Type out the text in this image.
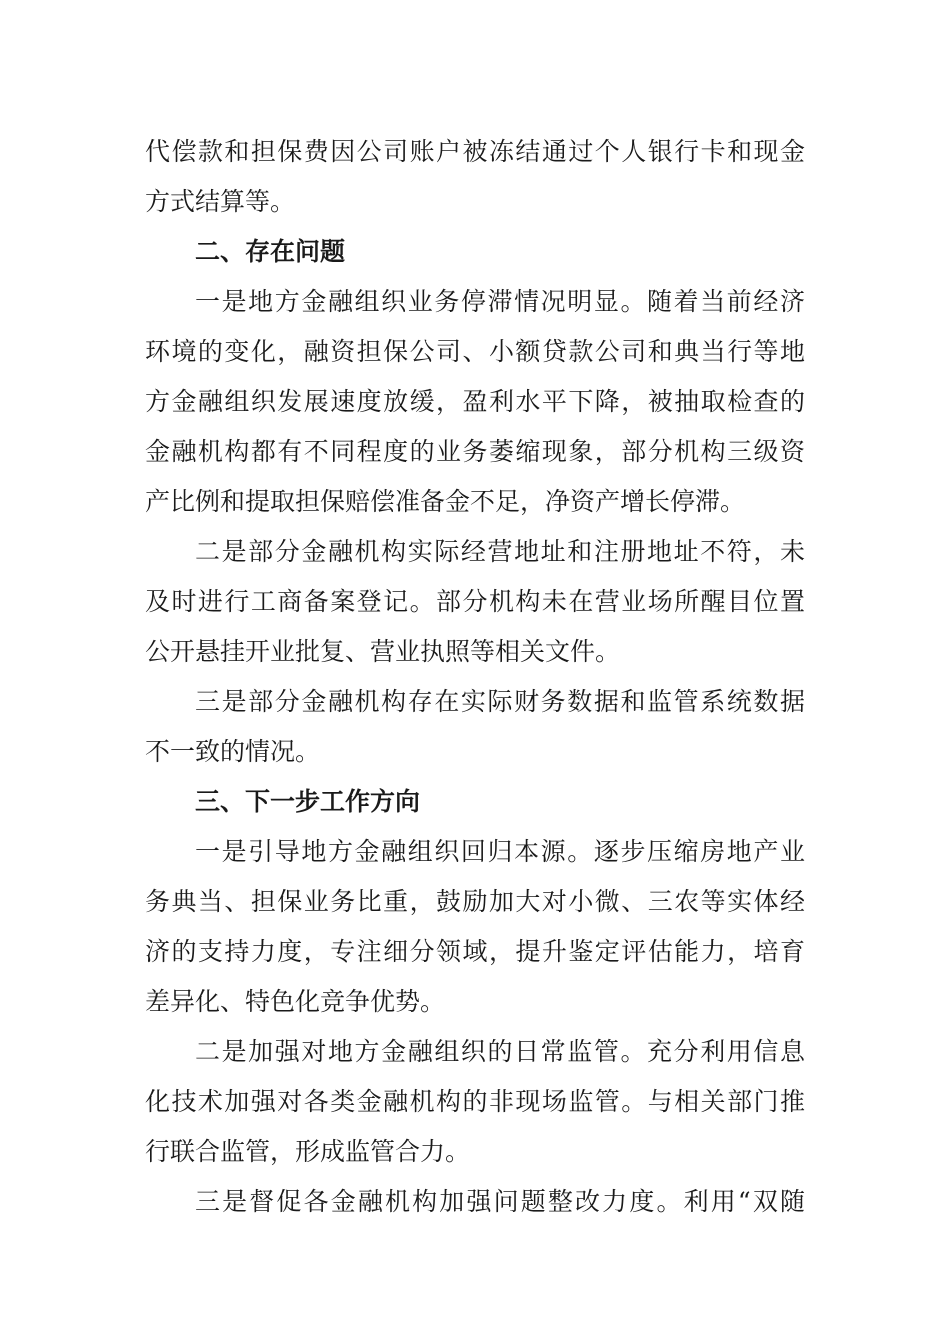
代偿款和担保费因公司账户被冻结通过个人银行卡和现金
方式结算等。
二、存在问题
一是地方金融组织业务停滞情况明显。随着当前经济
环境的变化，融资担保公司、小额贷款公司和典当行等地
方金融组织发展速度放缓，盈利水平下降，被抽取检查的
金融机构都有不同程度的业务萎缩现象，部分机构三级资
产比例和提取担保赔偿准备金不足，净资产增长停滞。
二是部分金融机构实际经营地址和注册地址不符，未
及时进行工商备案登记。部分机构未在营业场所醒目位置
公开悬挂开业批复、营业执照等相关文件。
三是部分金融机构存在实际财务数据和监管系统数据
不一致的情况。
三、下一步工作方向
一是引导地方金融组织回归本源。逐步压缩房地产业
务典当、担保业务比重，鼓励加大对小微、三农等实体经
济的支持力度，专注细分领域，提升鉴定评估能力，培育
差异化、特色化竞争优势。
二是加强对地方金融组织的日常监管。充分利用信息
化技术加强对各类金融机构的非现场监管。与相关部门推
行联合监管，形成监管合力。
三是督促各金融机构加强问题整改力度。利用“双随
